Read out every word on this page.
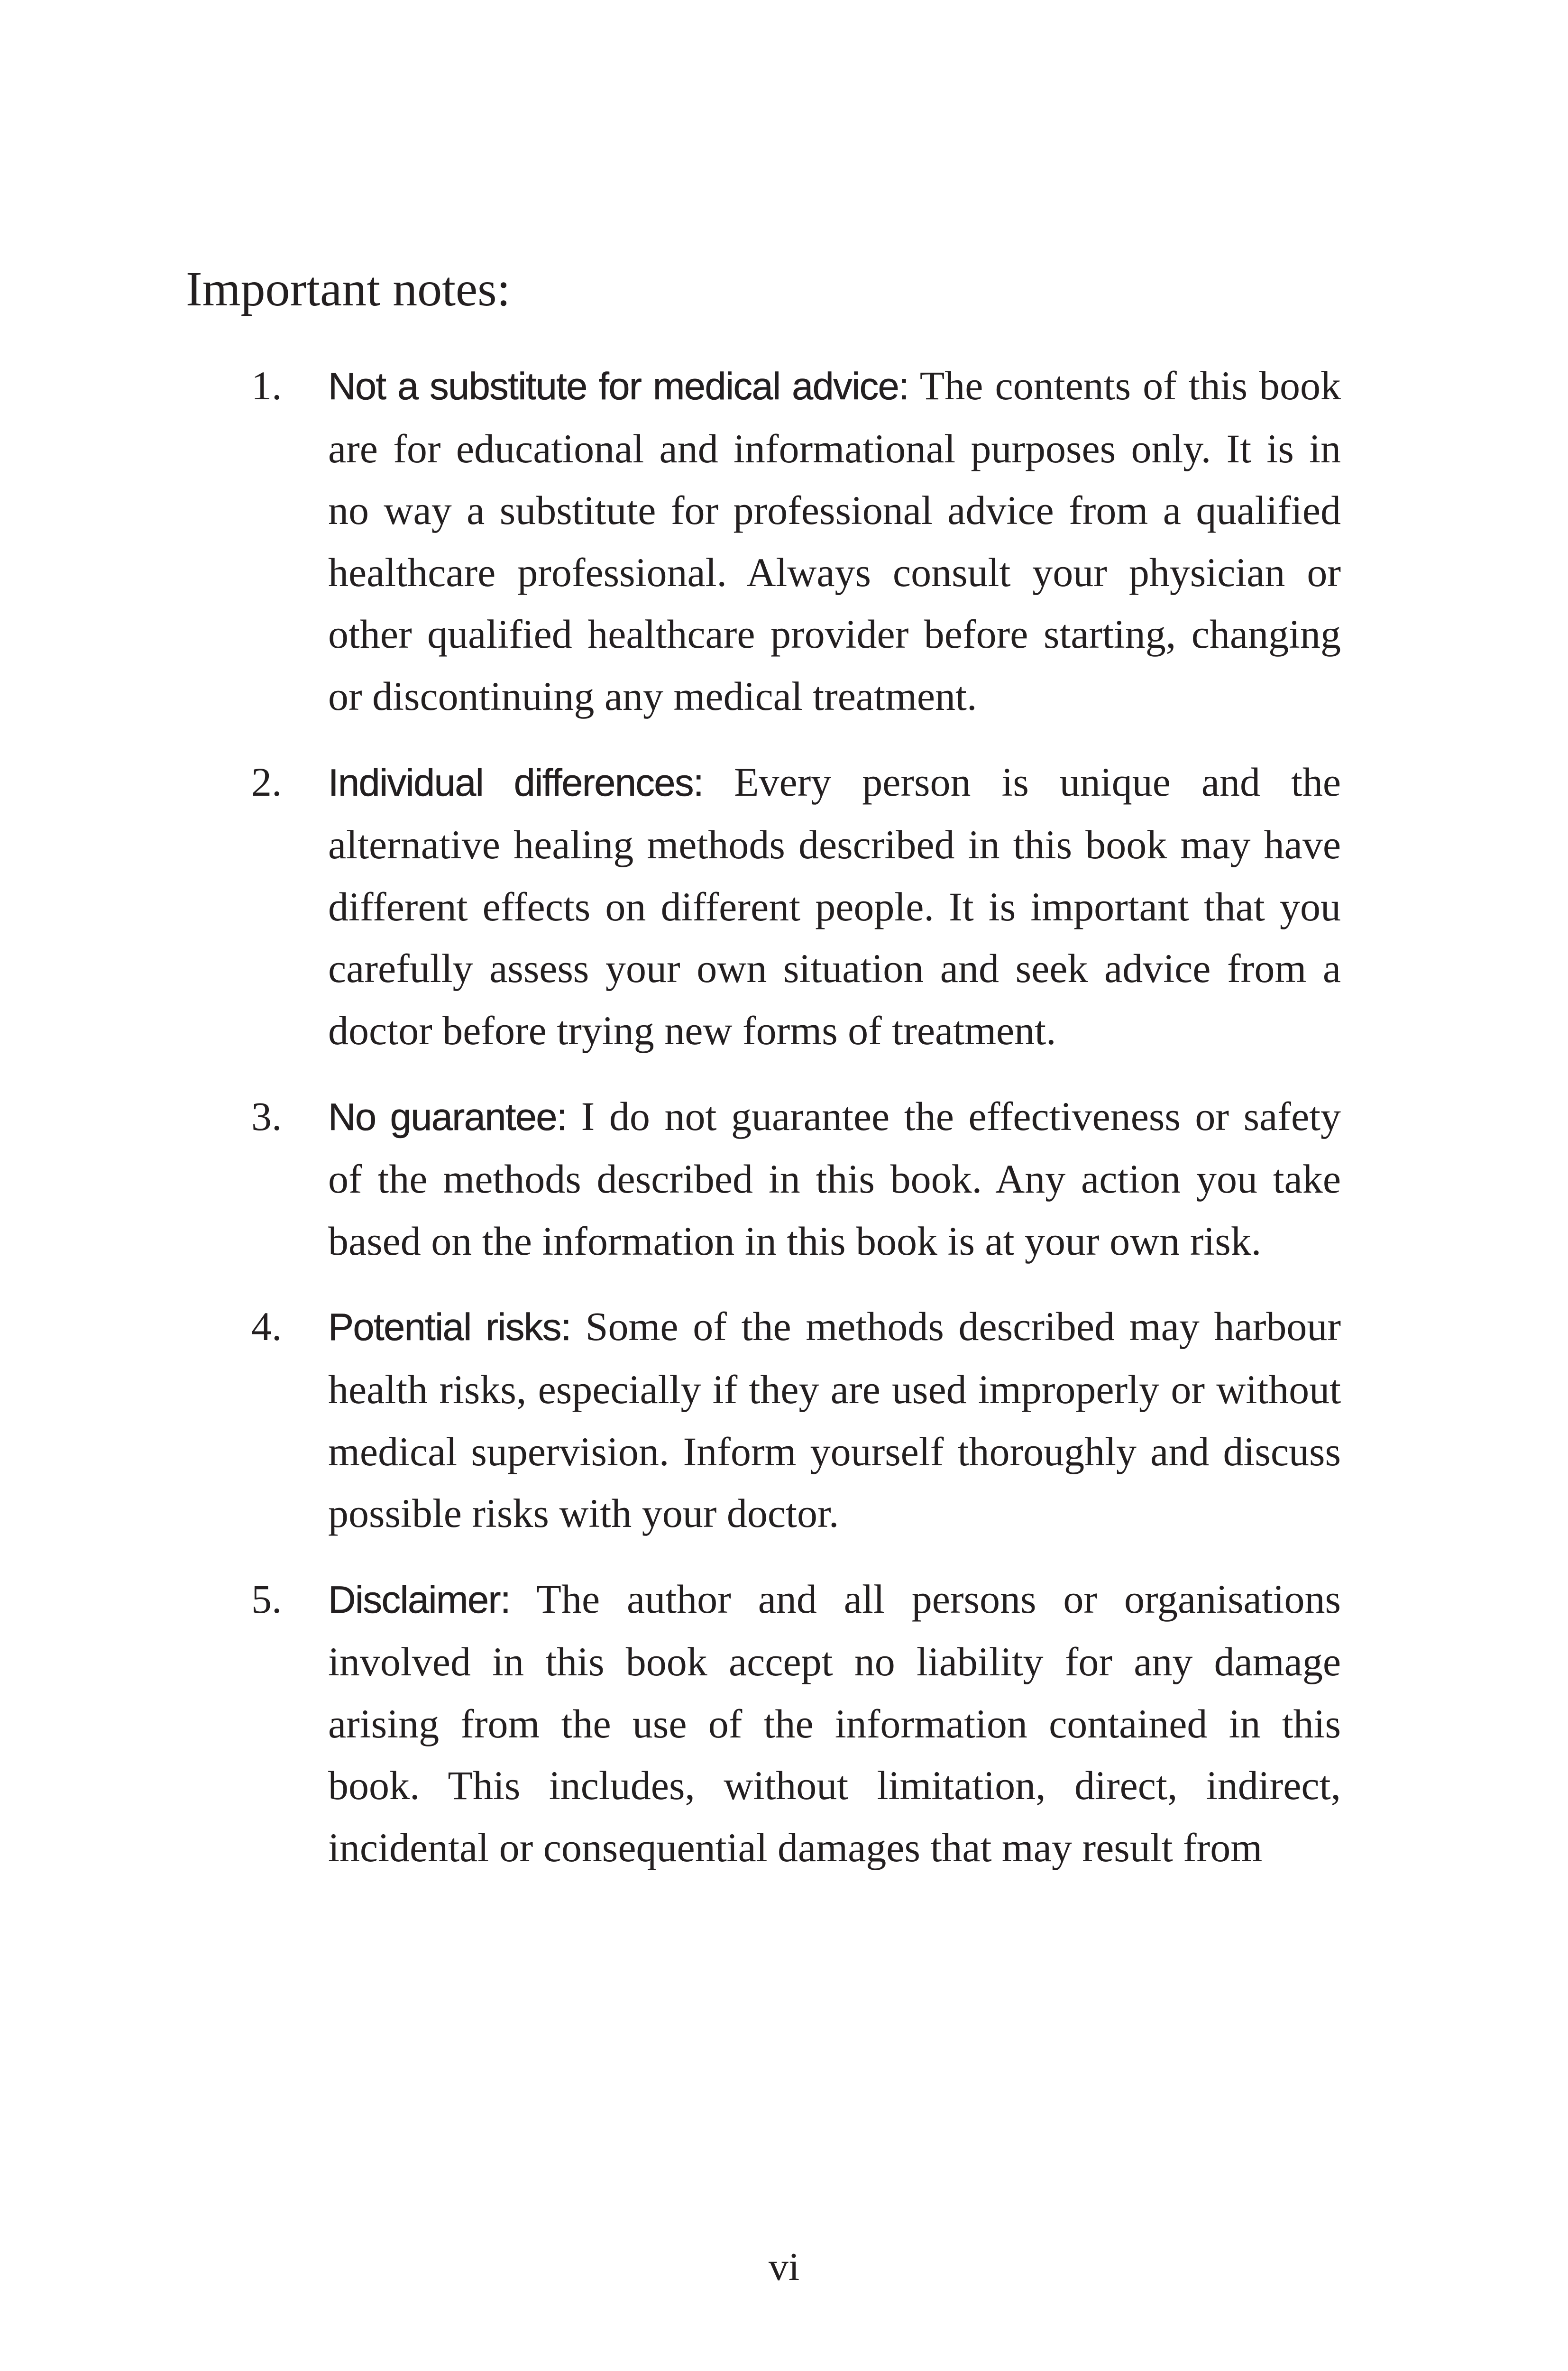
Important notes:
1.	Not a substitute for medical advice: The contents of this book are for educational and informational purposes only. It is in no way a substitute for professional advice from a qualified healthcare professional. Always consult your physician or other qualified healthcare provider before starting, changing or discontinuing any medical treatment.

2.	Individual differences: Every person is unique and the alternative healing methods described in this book may have different effects on different people. It is important that you carefully assess your own situation and seek advice from a doctor before trying new forms of treatment.

3.	No guarantee: I do not guarantee the effectiveness or safety of the methods described in this book. Any action you take based on the information in this book is at your own risk.

4.	Potential risks: Some of the methods described may harbour health risks, especially if they are used improperly or without medical supervision. Inform yourself thoroughly and discuss possible risks with your doctor.

5.	Disclaimer: The author and all persons or organisations involved in this book accept no liability for any damage arising from the use of the information contained in this book. This includes, without limitation, direct, indirect, incidental or consequential damages that may result from

vi
